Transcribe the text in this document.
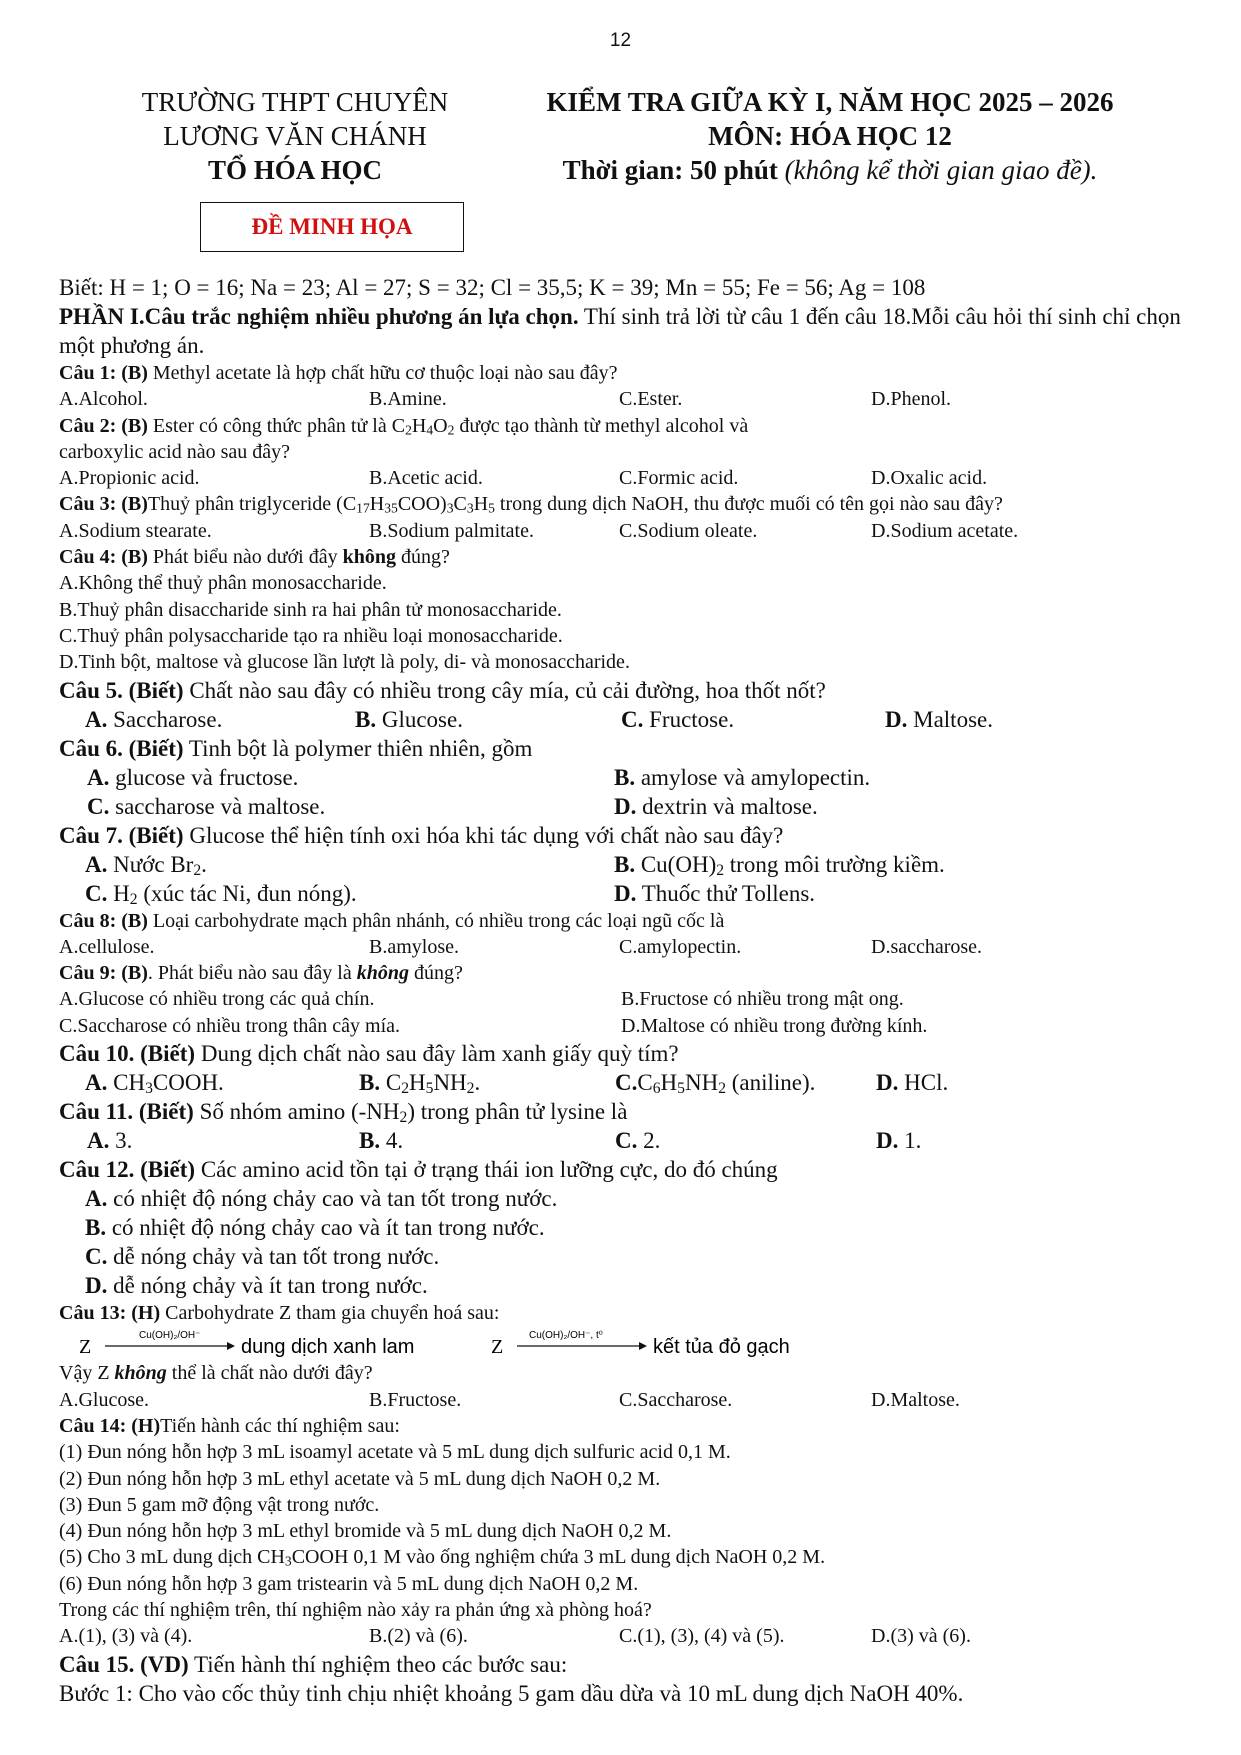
12
TRƯỜNG THPT CHUYÊN
LƯƠNG VĂN CHÁNH
TỔ HÓA HỌC
KIỂM TRA GIỮA KỲ I, NĂM HỌC 2025 – 2026
MÔN: HÓA HỌC 12
Thời gian: 50 phút (không kể thời gian giao đề).
ĐỀ MINH HỌA
Biết: H = 1; O = 16; Na = 23; Al = 27; S = 32; Cl = 35,5; K = 39; Mn = 55; Fe = 56; Ag = 108
PHẦN I.Câu trắc nghiệm nhiều phương án lựa chọn. Thí sinh trả lời từ câu 1 đến câu 18.Mỗi câu hỏi thí sinh chỉ chọn một phương án.
Câu 1: (B) Methyl acetate là hợp chất hữu cơ thuộc loại nào sau đây?
A.Alcohol.	B.Amine.	C.Ester.	D.Phenol.
Câu 2: (B) Ester có công thức phân tử là $C_2H_4O_2$ được tạo thành từ methyl alcohol và
carboxylic acid nào sau đây?
A.Propionic acid.	B.Acetic acid.	C.Formic acid.	D.Oxalic acid.
Câu 3: (B)Thuỷ phân triglyceride $(C_{17}H_{35}COO)_3C_3H_5$ trong dung dịch NaOH, thu được muối có tên gọi nào sau đây?
A.Sodium stearate.	B.Sodium palmitate.	C.Sodium oleate.	D.Sodium acetate.
Câu 4: (B) Phát biểu nào dưới đây không đúng?
A.Không thể thuỷ phân monosaccharide.
B.Thuỷ phân disaccharide sinh ra hai phân tử monosaccharide.
C.Thuỷ phân polysaccharide tạo ra nhiều loại monosaccharide.
D.Tinh bột, maltose và glucose lần lượt là poly, di- và monosaccharide.
Câu 5. (Biết) Chất nào sau đây có nhiều trong cây mía, củ cải đường, hoa thốt nốt?
A. Saccharose.	B. Glucose.	C. Fructose.	D. Maltose.
Câu 6. (Biết) Tinh bột là polymer thiên nhiên, gồm
A. glucose và fructose.	B. amylose và amylopectin.
C. saccharose và maltose.	D. dextrin và maltose.
Câu 7. (Biết) Glucose thể hiện tính oxi hóa khi tác dụng với chất nào sau đây?
A. Nước $Br_2$.	B. $Cu(OH)_2$ trong môi trường kiềm.
C. $H_2$ (xúc tác Ni, đun nóng).	D. Thuốc thử Tollens.
Câu 8: (B) Loại carbohydrate mạch phân nhánh, có nhiều trong các loại ngũ cốc là
A.cellulose.	B.amylose.	C.amylopectin.	D.saccharose.
Câu 9: (B). Phát biểu nào sau đây là không đúng?
A.Glucose có nhiều trong các quả chín.	B.Fructose có nhiều trong mật ong.
C.Saccharose có nhiều trong thân cây mía.	D.Maltose có nhiều trong đường kính.
Câu 10. (Biết) Dung dịch chất nào sau đây làm xanh giấy quỳ tím?
A. $CH_3COOH$.	B. $C_2H_5NH_2$.	$C.C_6H_5NH_2$ (aniline).	D. HCl.
Câu 11. (Biết) Số nhóm amino $(-NH_2)$ trong phân tử lysine là
A. 3.	B. 4.	C. 2.	D. 1.
Câu 12. (Biết) Các amino acid tồn tại ở trạng thái ion lưỡng cực, do đó chúng
A. có nhiệt độ nóng chảy cao và tan tốt trong nước.
B. có nhiệt độ nóng chảy cao và ít tan trong nước.
C. dễ nóng chảy và tan tốt trong nước.
D. dễ nóng chảy và ít tan trong nước.
Câu 13: (H) Carbohydrate Z tham gia chuyển hoá sau:
Z
Cu(OH)₂/OH⁻
dung dịch xanh lam	Z
Cu(OH)₂/OH⁻, t⁰
kết tủa đỏ gạch
Vậy Z không thể là chất nào dưới đây?
A.Glucose.	B.Fructose.	C.Saccharose.	D.Maltose.
Câu 14: (H)Tiến hành các thí nghiệm sau:
(1) Đun nóng hỗn hợp 3 mL isoamyl acetate và 5 mL dung dịch sulfuric acid 0,1 M.
(2) Đun nóng hỗn hợp 3 mL ethyl acetate và 5 mL dung dịch NaOH 0,2 M.
(3) Đun 5 gam mỡ động vật trong nước.
(4) Đun nóng hỗn hợp 3 mL ethyl bromide và 5 mL dung dịch NaOH 0,2 M.
(5) Cho 3 mL dung dịch $CH_3COOH$ 0,1 M vào ống nghiệm chứa 3 mL dung dịch NaOH 0,2 M.
(6) Đun nóng hỗn hợp 3 gam tristearin và 5 mL dung dịch NaOH 0,2 M.
Trong các thí nghiệm trên, thí nghiệm nào xảy ra phản ứng xà phòng hoá?
A.(1), (3) và (4).	B.(2) và (6).	C.(1), (3), (4) và (5).	D.(3) và (6).
Câu 15. (VD) Tiến hành thí nghiệm theo các bước sau:
Bước 1: Cho vào cốc thủy tinh chịu nhiệt khoảng 5 gam dầu dừa và 10 mL dung dịch NaOH 40%.
